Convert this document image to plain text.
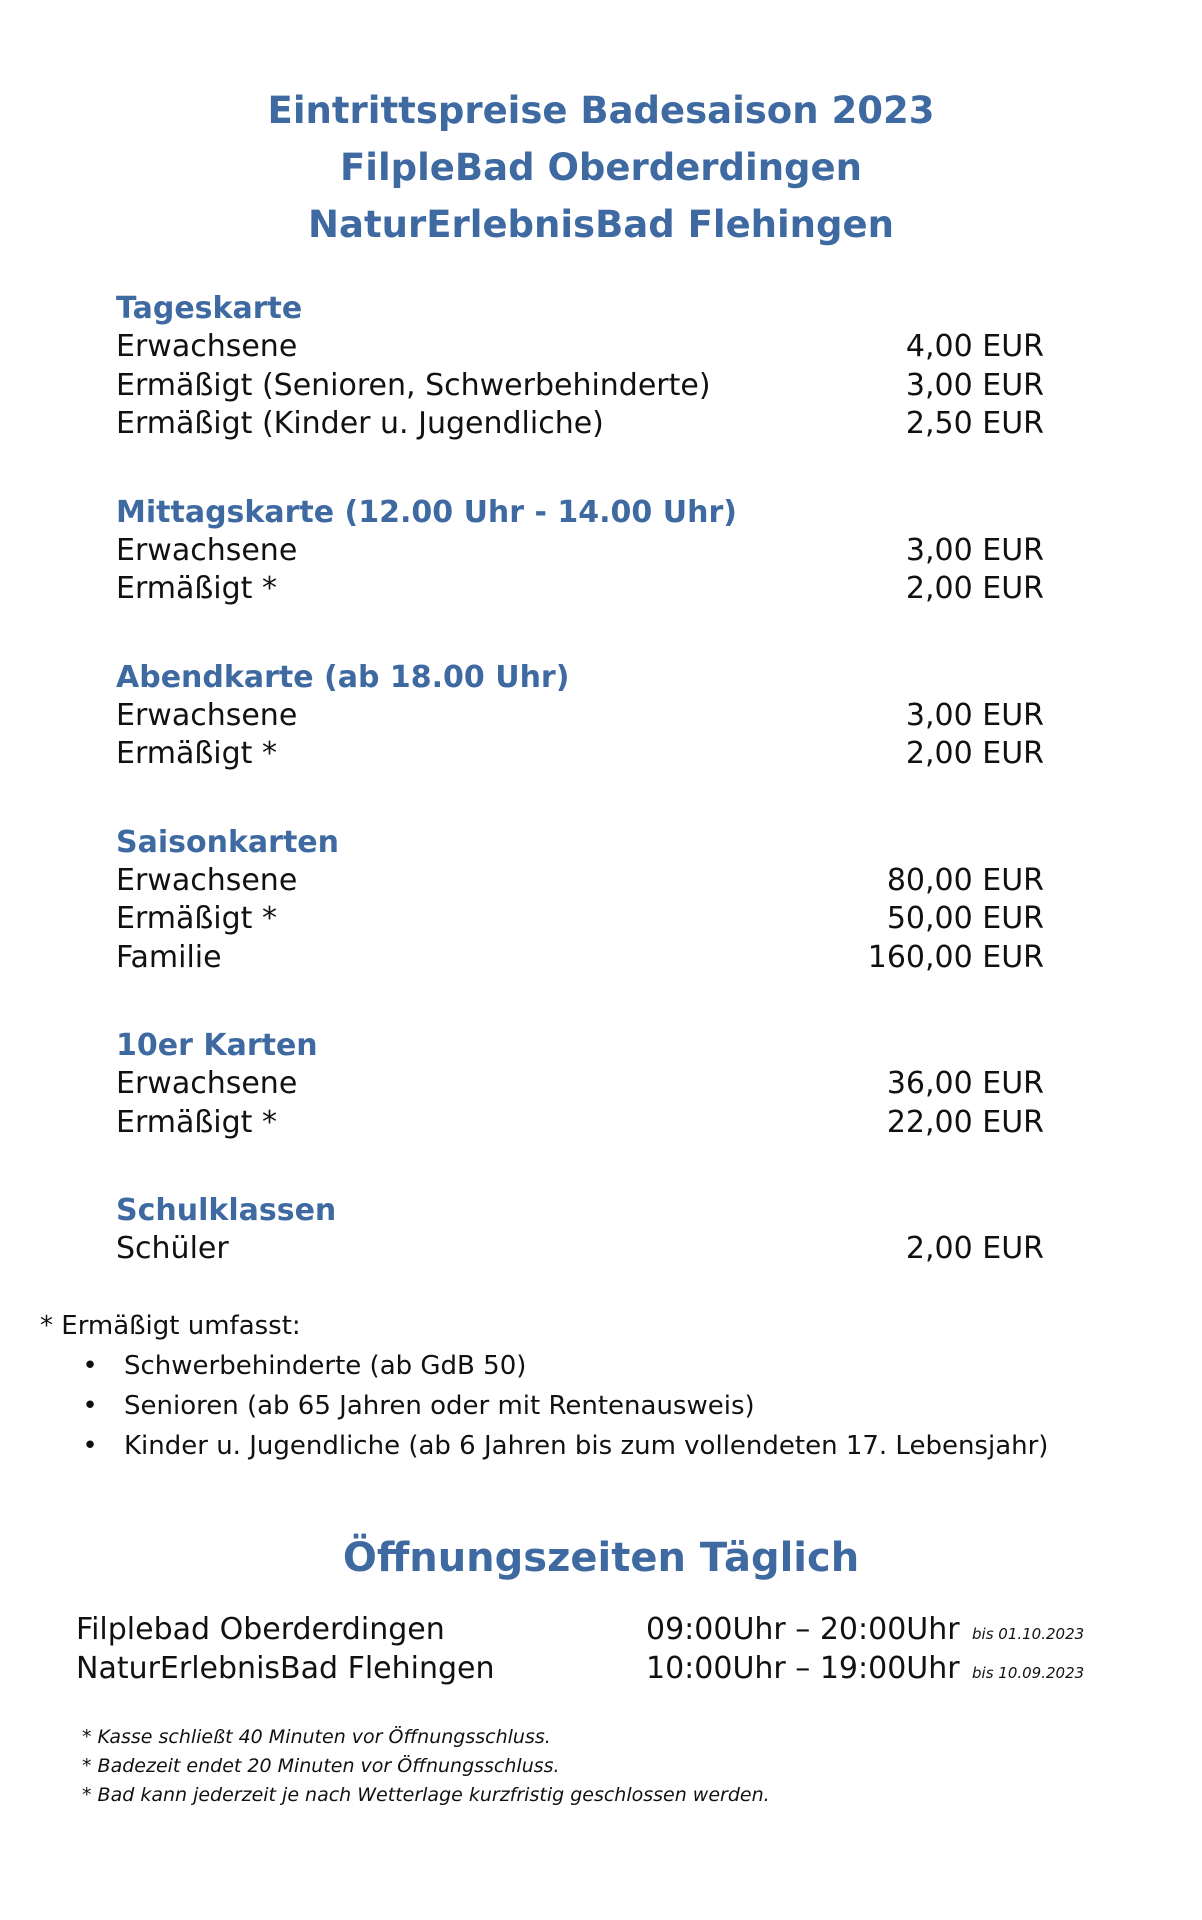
Eintrittspreise Badesaison 2023
FilpleBad Oberderdingen
NaturErlebnisBad Flehingen
Tageskarte
Erwachsene	4,00 EUR
Ermäßigt (Senioren, Schwerbehinderte)	3,00 EUR
Ermäßigt (Kinder u. Jugendliche)	2,50 EUR
Mittagskarte (12.00 Uhr - 14.00 Uhr)
Erwachsene	3,00 EUR
Ermäßigt *	2,00 EUR
Abendkarte (ab 18.00 Uhr)
Erwachsene	3,00 EUR
Ermäßigt *	2,00 EUR
Saisonkarten
Erwachsene	80,00 EUR
Ermäßigt *	50,00 EUR
Familie	160,00 EUR
10er Karten
Erwachsene	36,00 EUR
Ermäßigt *	22,00 EUR
Schulklassen
Schüler	2,00 EUR
* Ermäßigt umfasst:
• Schwerbehinderte (ab GdB 50)
• Senioren (ab 65 Jahren oder mit Rentenausweis)
• Kinder u. Jugendliche (ab 6 Jahren bis zum vollendeten 17. Lebensjahr)
Öffnungszeiten Täglich
Filplebad Oberderdingen	09:00Uhr – 20:00Uhr bis 01.10.2023
NaturErlebnisBad Flehingen	10:00Uhr – 19:00Uhr bis 10.09.2023
* Kasse schließt 40 Minuten vor Öffnungsschluss.
* Badezeit endet 20 Minuten vor Öffnungsschluss.
* Bad kann jederzeit je nach Wetterlage kurzfristig geschlossen werden.
